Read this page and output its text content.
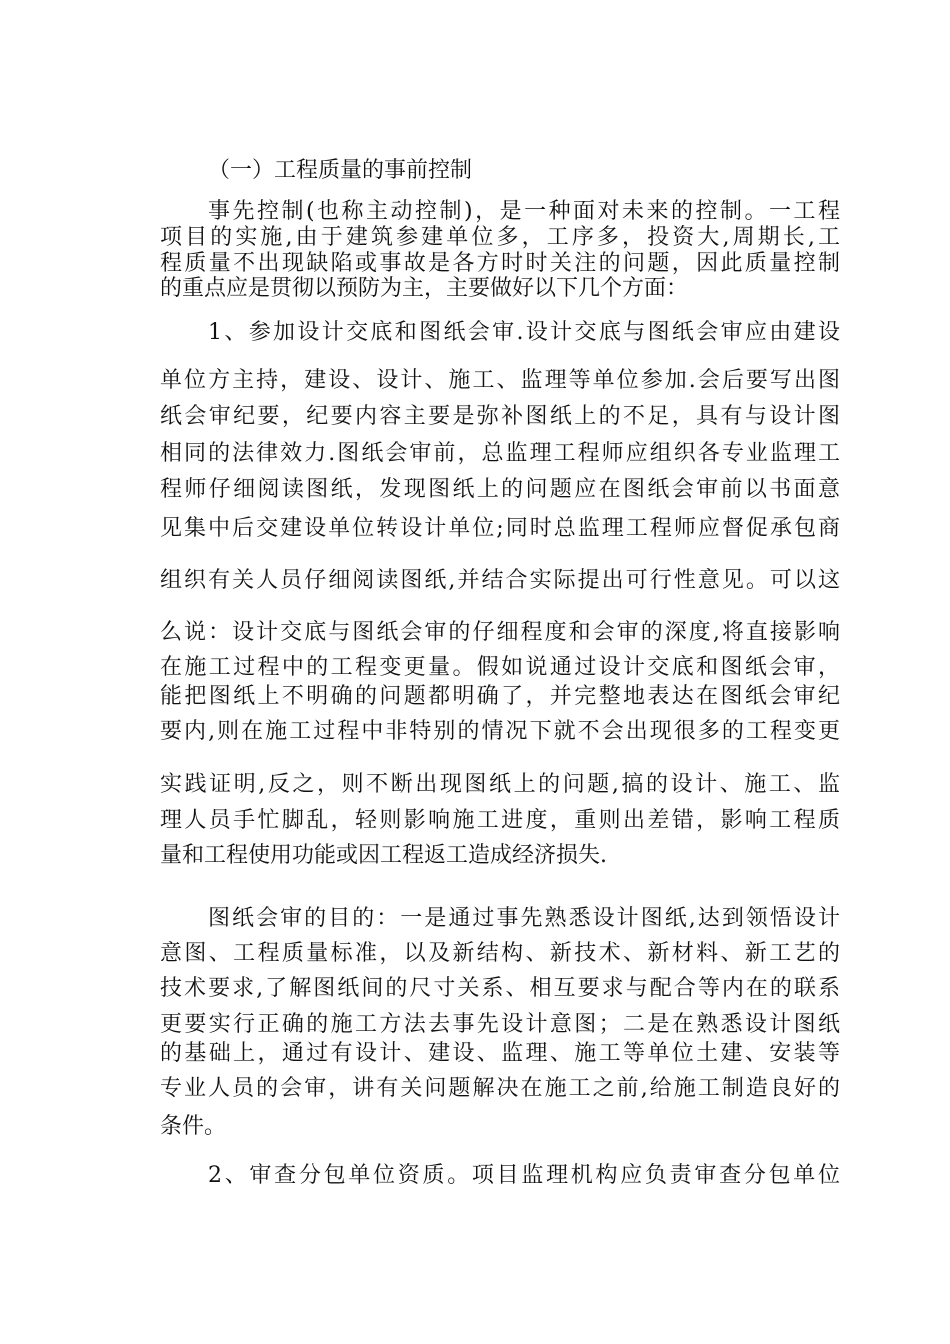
（一）工程质量的事前控制
事先控制(也称主动控制)，是一种面对未来的控制。一工程
项目的实施,由于建筑参建单位多，工序多，投资大,周期长,工
程质量不出现缺陷或事故是各方时时关注的问题，因此质量控制
的重点应是贯彻以预防为主，主要做好以下几个方面：
1、参加设计交底和图纸会审.设计交底与图纸会审应由建设
单位方主持，建设、设计、施工、监理等单位参加.会后要写出图
纸会审纪要，纪要内容主要是弥补图纸上的不足，具有与设计图
相同的法律效力.图纸会审前，总监理工程师应组织各专业监理工
程师仔细阅读图纸，发现图纸上的问题应在图纸会审前以书面意
见集中后交建设单位转设计单位;同时总监理工程师应督促承包商
组织有关人员仔细阅读图纸,并结合实际提出可行性意见。可以这
么说：设计交底与图纸会审的仔细程度和会审的深度,将直接影响
在施工过程中的工程变更量。假如说通过设计交底和图纸会审，
能把图纸上不明确的问题都明确了，并完整地表达在图纸会审纪
要内,则在施工过程中非特别的情况下就不会出现很多的工程变更
实践证明,反之，则不断出现图纸上的问题,搞的设计、施工、监
理人员手忙脚乱，轻则影响施工进度，重则出差错，影响工程质
量和工程使用功能或因工程返工造成经济损失.
图纸会审的目的：一是通过事先熟悉设计图纸,达到领悟设计
意图、工程质量标准，以及新结构、新技术、新材料、新工艺的
技术要求,了解图纸间的尺寸关系、相互要求与配合等内在的联系
更要实行正确的施工方法去事先设计意图；二是在熟悉设计图纸
的基础上，通过有设计、建设、监理、施工等单位土建、安装等
专业人员的会审，讲有关问题解决在施工之前,给施工制造良好的
条件。
2、审查分包单位资质。项目监理机构应负责审查分包单位
